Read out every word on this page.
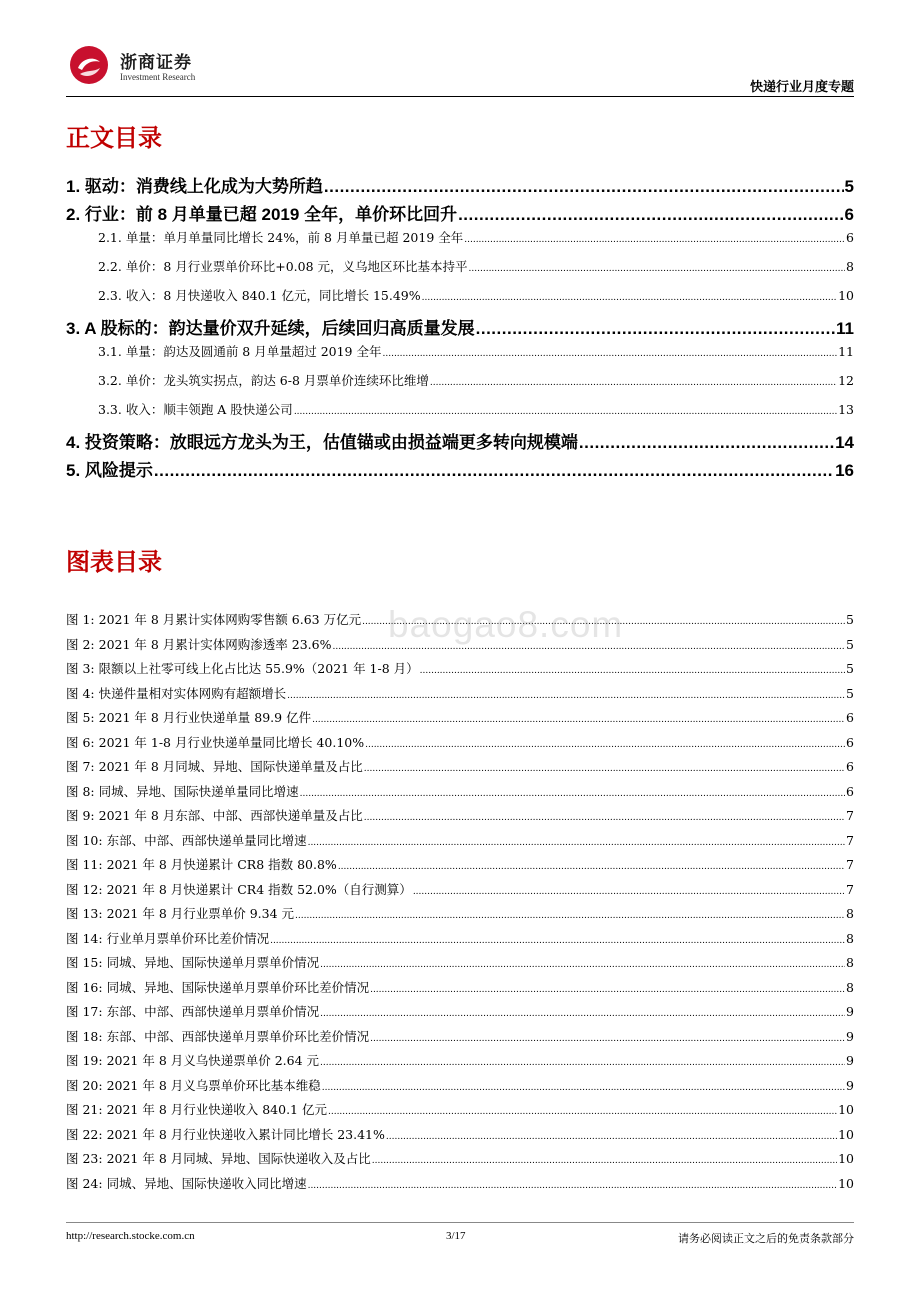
浙商证券
Investment Research
快递行业月度专题
正文目录
1. 驱动：消费线上化成为大势所趋 .....	5
2. 行业：前 8 月单量已超 2019 全年，单价环比回升 .....	6
2.1. 单量：单月单量同比增长 24%，前 8 月单量已超 2019 全年 .....	6
2.2. 单价：8 月行业票单价环比+0.08 元，义乌地区环比基本持平 .....	8
2.3. 收入：8 月快递收入 840.1 亿元，同比增长 15.49% .....	10
3. A 股标的：韵达量价双升延续，后续回归高质量发展 .....	11
3.1. 单量：韵达及圆通前 8 月单量超过 2019 全年 .....	11
3.2. 单价：龙头筑实拐点，韵达 6-8 月票单价连续环比维增 .....	12
3.3. 收入：顺丰领跑 A 股快递公司 .....	13
4. 投资策略：放眼远方龙头为王，估值锚或由损益端更多转向规模端 .....	14
5. 风险提示 .....	16
图表目录
图 1: 2021 年 8 月累计实体网购零售额 6.63 万亿元 .....	5
图 2: 2021 年 8 月累计实体网购渗透率 23.6% .....	5
图 3: 限额以上社零可线上化占比达 55.9%（2021 年 1-8 月） .....	5
图 4: 快递件量相对实体网购有超额增长 .....	5
图 5: 2021 年 8 月行业快递单量 89.9 亿件 .....	6
图 6: 2021 年 1-8 月行业快递单量同比增长 40.10% .....	6
图 7: 2021 年 8 月同城、异地、国际快递单量及占比 .....	6
图 8: 同城、异地、国际快递单量同比增速 .....	6
图 9: 2021 年 8 月东部、中部、西部快递单量及占比 .....	7
图 10: 东部、中部、西部快递单量同比增速 .....	7
图 11: 2021 年 8 月快递累计 CR8 指数 80.8% .....	7
图 12: 2021 年 8 月快递累计 CR4 指数 52.0%（自行测算） .....	7
图 13: 2021 年 8 月行业票单价 9.34 元 .....	8
图 14: 行业单月票单价环比差价情况 .....	8
图 15: 同城、异地、国际快递单月票单价情况 .....	8
图 16: 同城、异地、国际快递单月票单价环比差价情况 .....	8
图 17: 东部、中部、西部快递单月票单价情况 .....	9
图 18: 东部、中部、西部快递单月票单价环比差价情况 .....	9
图 19: 2021 年 8 月义乌快递票单价 2.64 元 .....	9
图 20: 2021 年 8 月义乌票单价环比基本维稳 .....	9
图 21: 2021 年 8 月行业快递收入 840.1 亿元 .....	10
图 22: 2021 年 8 月行业快递收入累计同比增长 23.41% .....	10
图 23: 2021 年 8 月同城、异地、国际快递收入及占比 .....	10
图 24: 同城、异地、国际快递收入同比增速 .....	10
baogao8.com
http://research.stocke.com.cn	3/17	请务必阅读正文之后的免责条款部分
